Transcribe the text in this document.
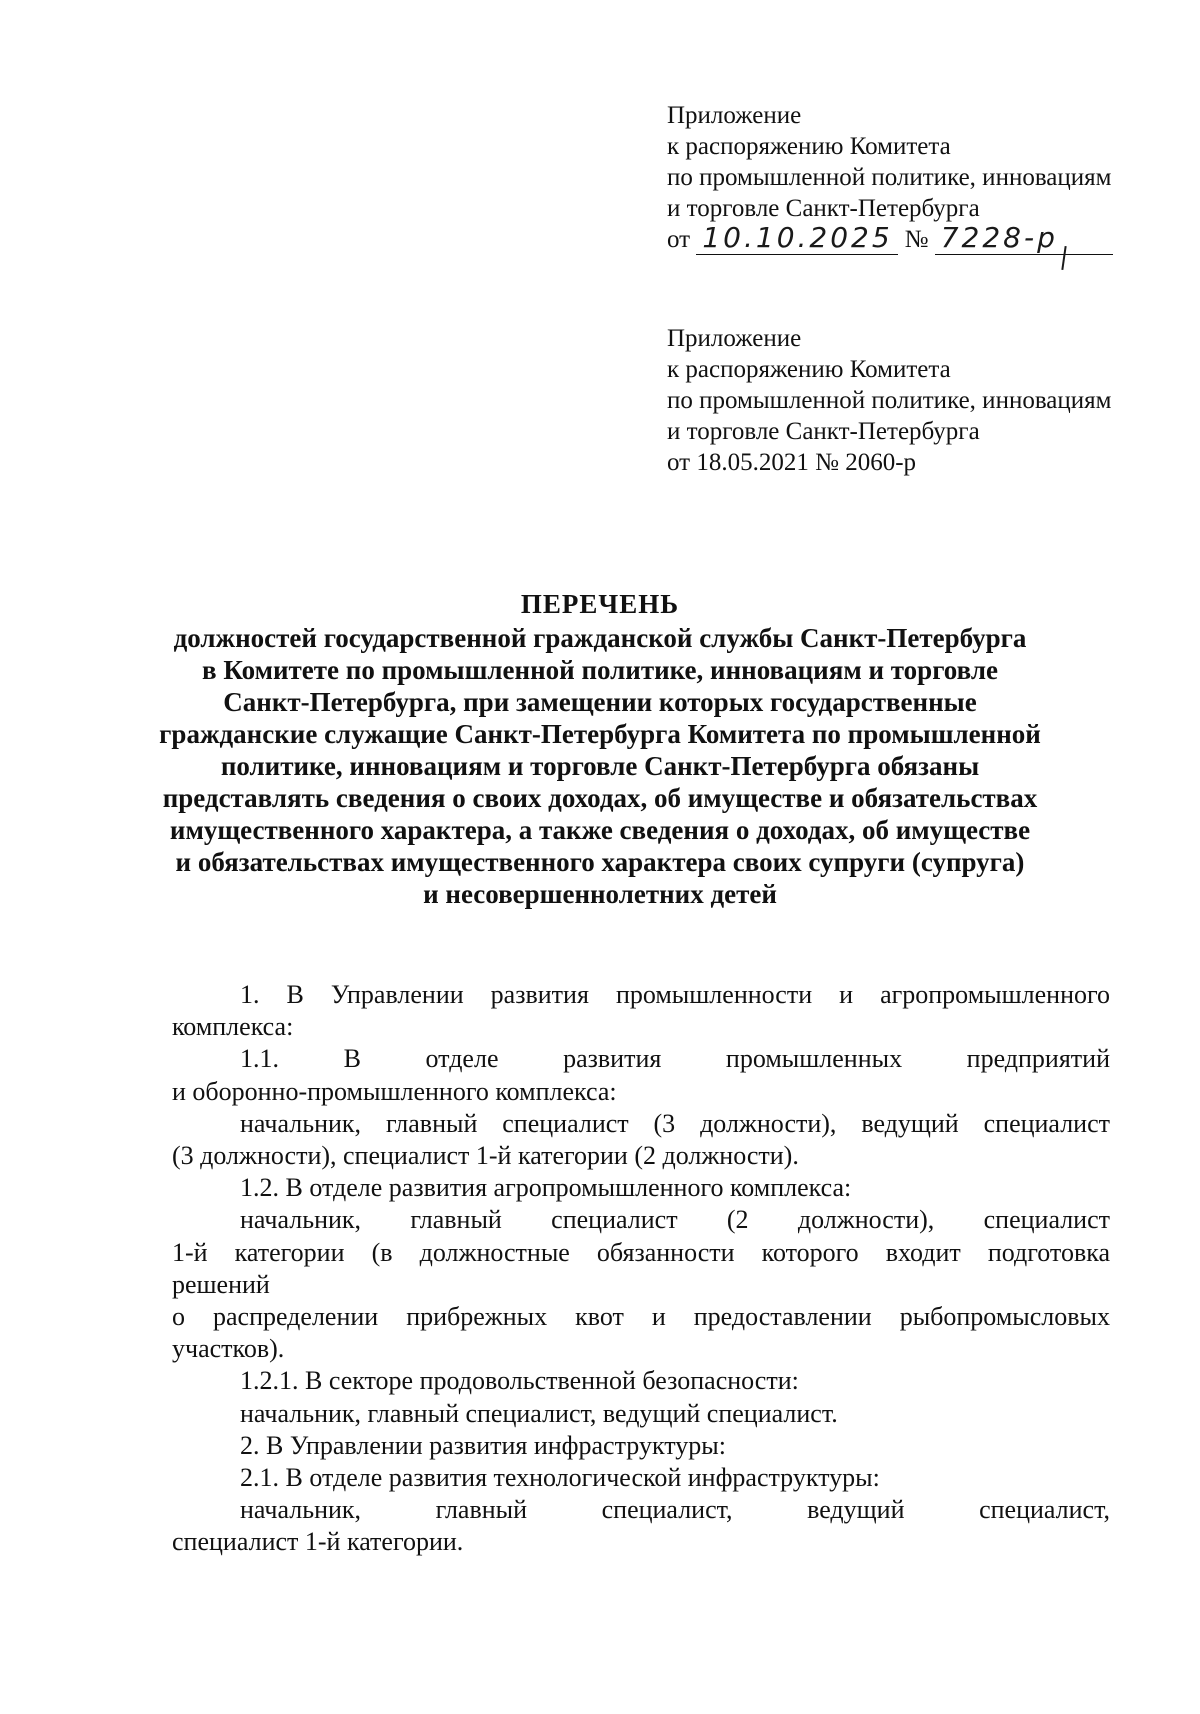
Приложение
к распоряжению Комитета
по промышленной политике, инновациям
и торговле Санкт-Петербурга
от 10.10.2025 № 7228-р
Приложение
к распоряжению Комитета
по промышленной политике, инновациям
и торговле Санкт-Петербурга
от 18.05.2021 № 2060-р
ПЕРЕЧЕНЬ
должностей государственной гражданской службы Санкт-Петербурга
в Комитете по промышленной политике, инновациям и торговле
Санкт-Петербурга, при замещении которых государственные
гражданские служащие Санкт-Петербурга Комитета по промышленной
политике, инновациям и торговле Санкт-Петербурга обязаны
представлять сведения о своих доходах, об имуществе и обязательствах
имущественного характера, а также сведения о доходах, об имуществе
и обязательствах имущественного характера своих супруги (супруга)
и несовершеннолетних детей

1. В Управлении развития промышленности и агропромышленного

комплекса:

1.1. В отделе развития промышленных предприятий

и оборонно-промышленного комплекса:

начальник, главный специалист (3 должности), ведущий специалист

(3 должности), специалист 1-й категории (2 должности).

1.2. В отделе развития агропромышленного комплекса:

начальник, главный специалист (2 должности), специалист

1-й категории (в должностные обязанности которого входит подготовка

решений

о распределении прибрежных квот и предоставлении рыбопромысловых

участков).

1.2.1. В секторе продовольственной безопасности:

начальник, главный специалист, ведущий специалист.

2. В Управлении развития инфраструктуры:

2.1. В отделе развития технологической инфраструктуры:

начальник, главный специалист, ведущий специалист,

специалист 1-й категории.
